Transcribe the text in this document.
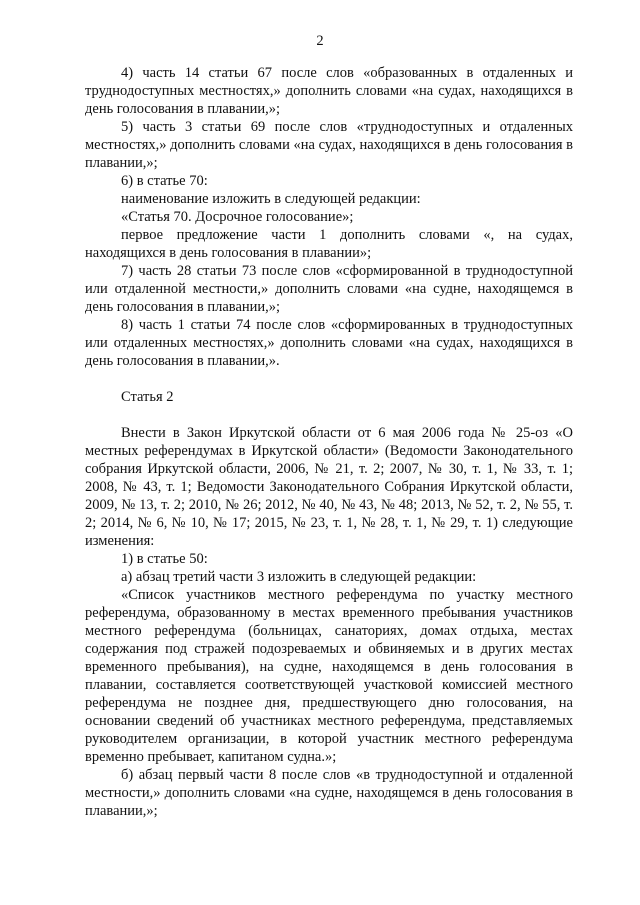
2

4) часть 14 статьи 67 после слов «образованных в отдаленных и труднодоступных местностях,» дополнить словами «на судах, находящихся в день голосования в плавании,»;

5) часть 3 статьи 69 после слов «труднодоступных и отдаленных местностях,» дополнить словами «на судах, находящихся в день голосования в плавании,»;

6) в статье 70:

наименование изложить в следующей редакции:

«Статья 70. Досрочное голосование»;

первое предложение части 1 дополнить словами «, на судах, находящихся в день голосования в плавании»;

7) часть 28 статьи 73 после слов «сформированной в труднодоступной или отдаленной местности,» дополнить словами «на судне, находящемся в день голосования в плавании,»;

8) часть 1 статьи 74 после слов «сформированных в труднодоступных или отдаленных местностях,» дополнить словами «на судах, находящихся в день голосования в плавании,».

Статья 2

Внести в Закон Иркутской области от 6 мая 2006 года № 25-оз «О местных референдумах в Иркутской области» (Ведомости Законодательного собрания Иркутской области, 2006, № 21, т. 2; 2007, № 30, т. 1, № 33, т. 1; 2008, № 43, т. 1; Ведомости Законодательного Собрания Иркутской области, 2009, № 13, т. 2; 2010, № 26; 2012, № 40, № 43, № 48; 2013, № 52, т. 2, № 55, т. 2; 2014, № 6, № 10, № 17; 2015, № 23, т. 1, № 28, т. 1, № 29, т. 1) следующие изменения:

1) в статье 50:

а) абзац третий части 3 изложить в следующей редакции:

«Список участников местного референдума по участку местного референдума, образованному в местах временного пребывания участников местного референдума (больницах, санаториях, домах отдыха, местах содержания под стражей подозреваемых и обвиняемых и в других местах временного пребывания), на судне, находящемся в день голосования в плавании, составляется соответствующей участковой комиссией местного референдума не позднее дня, предшествующего дню голосования, на основании сведений об участниках местного референдума, представляемых руководителем организации, в которой участник местного референдума временно пребывает, капитаном судна.»;

б) абзац первый части 8 после слов «в труднодоступной и отдаленной местности,» дополнить словами «на судне, находящемся в день голосования в плавании,»;
